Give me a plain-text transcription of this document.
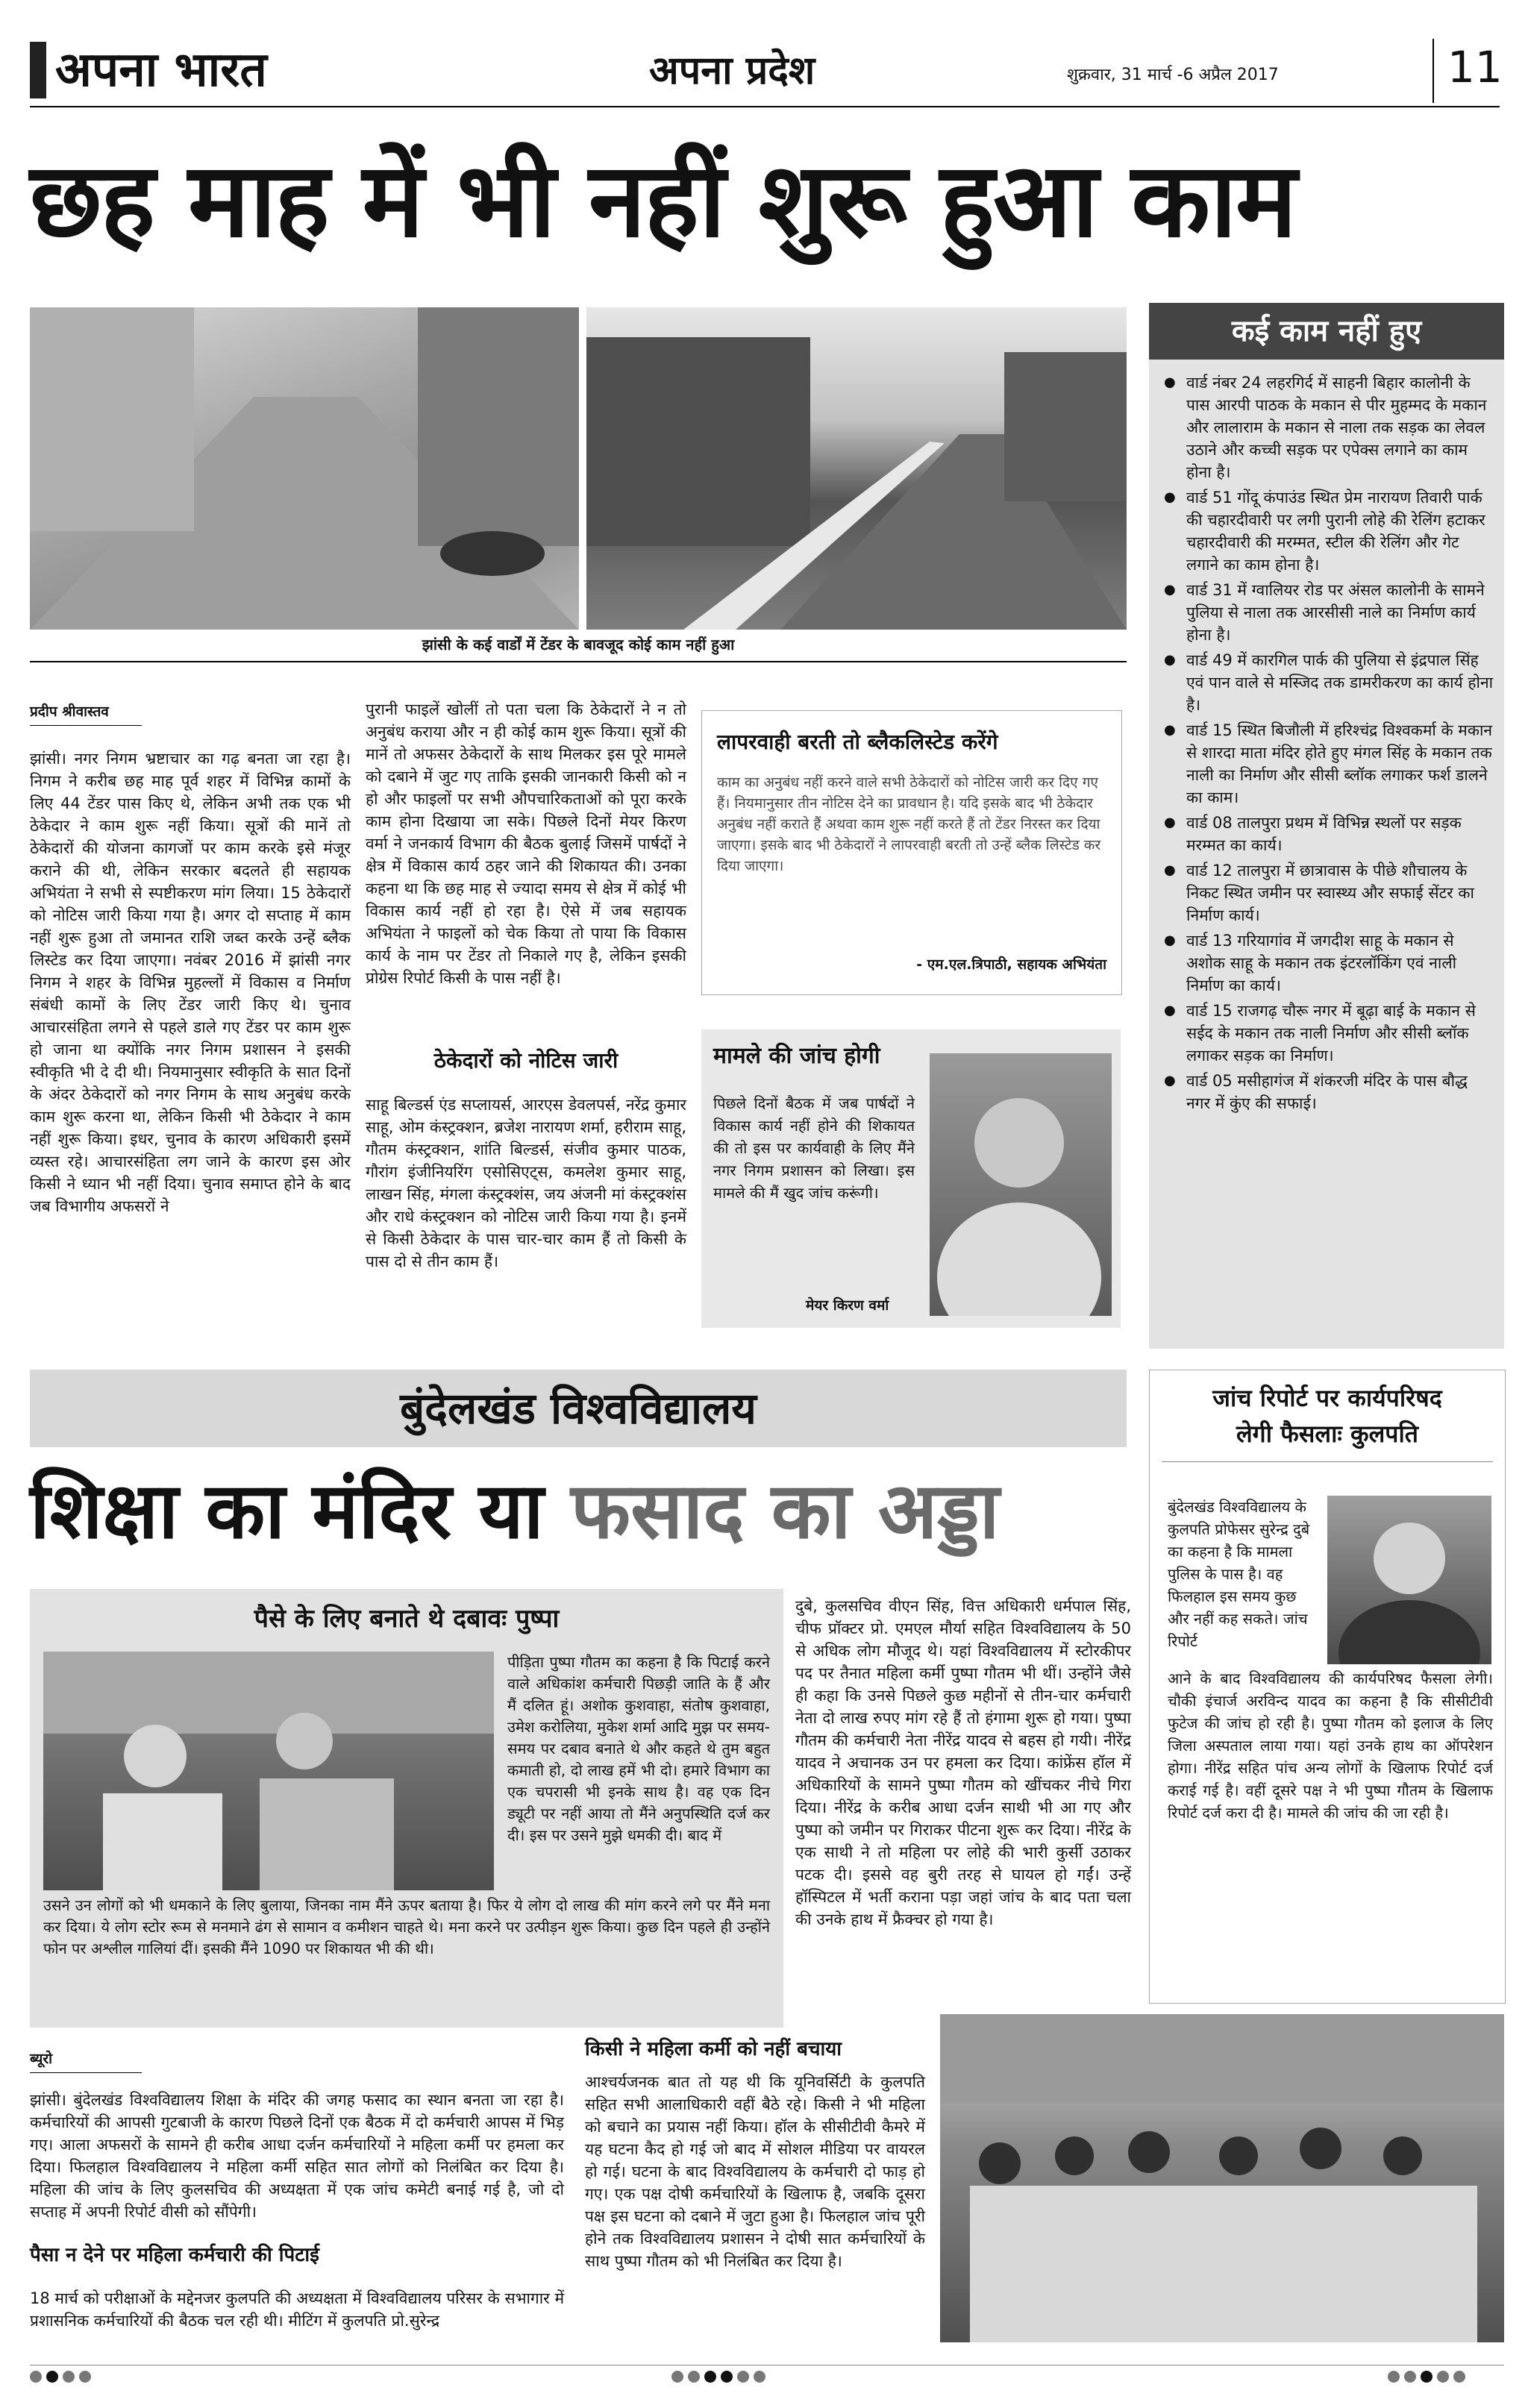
अपना भारत	अपना प्रदेश	शुक्रवार, 31 मार्च -6 अप्रैल 2017	11
छह माह में भी नहीं शुरू हुआ काम
झांसी के कई वार्डों में टेंडर के बावजूद कोई काम नहीं हुआ
प्रदीप श्रीवास्तव
झांसी। नगर निगम भ्रष्टाचार का गढ़ बनता जा रहा है। निगम ने करीब छह माह पूर्व शहर में विभिन्न कामों के लिए 44 टेंडर पास किए थे, लेकिन अभी तक एक भी ठेकेदार ने काम शुरू नहीं किया। सूत्रों की मानें तो ठेकेदारों की योजना कागजों पर काम करके इसे मंजूर कराने की थी, लेकिन सरकार बदलते ही सहायक अभियंता ने सभी से स्पष्टीकरण मांग लिया। 15 ठेकेदारों को नोटिस जारी किया गया है। अगर दो सप्ताह में काम नहीं शुरू हुआ तो जमानत राशि जब्त करके उन्हें ब्लैक लिस्टेड कर दिया जाएगा। नवंबर 2016 में झांसी नगर निगम ने शहर के विभिन्न मुहल्लों में विकास व निर्माण संबंधी कामों के लिए टेंडर जारी किए थे। चुनाव आचारसंहिता लगने से पहले डाले गए टेंडर पर काम शुरू हो जाना था क्योंकि नगर निगम प्रशासन ने इसकी स्वीकृति भी दे दी थी। नियमानुसार स्वीकृति के सात दिनों के अंदर ठेकेदारों को नगर निगम के साथ अनुबंध करके काम शुरू करना था, लेकिन किसी भी ठेकेदार ने काम नहीं शुरू किया। इधर, चुनाव के कारण अधिकारी इसमें व्यस्त रहे। आचारसंहिता लग जाने के कारण इस ओर किसी ने ध्यान भी नहीं दिया। चुनाव समाप्त होने के बाद जब विभागीय अफसरों ने
पुरानी फाइलें खोलीं तो पता चला कि ठेकेदारों ने न तो अनुबंध कराया और न ही कोई काम शुरू किया। सूत्रों की मानें तो अफसर ठेकेदारों के साथ मिलकर इस पूरे मामले को दबाने में जुट गए ताकि इसकी जानकारी किसी को न हो और फाइलों पर सभी औपचारिकताओं को पूरा करके काम होना दिखाया जा सके। पिछले दिनों मेयर किरण वर्मा ने जनकार्य विभाग की बैठक बुलाई जिसमें पार्षदों ने क्षेत्र में विकास कार्य ठहर जाने की शिकायत की। उनका कहना था कि छह माह से ज्यादा समय से क्षेत्र में कोई भी विकास कार्य नहीं हो रहा है। ऐसे में जब सहायक अभियंता ने फाइलों को चेक किया तो पाया कि विकास कार्य के नाम पर टेंडर तो निकाले गए है, लेकिन इसकी प्रोग्रेस रिपोर्ट किसी के पास नहीं है।
ठेकेदारों को नोटिस जारी
साहू बिल्डर्स एंड सप्लायर्स, आरएस डेवलपर्स, नरेंद्र कुमार साहू, ओम कंस्ट्रक्शन, ब्रजेश नारायण शर्मा, हरीराम साहू, गौतम कंस्ट्रक्शन, शांति बिल्डर्स, संजीव कुमार पाठक, गौरांग इंजीनियरिंग एसोसिएट्स, कमलेश कुमार साहू, लाखन सिंह, मंगला कंस्ट्रक्शंस, जय अंजनी मां कंस्ट्रक्शंस और राधे कंस्ट्रक्शन को नोटिस जारी किया गया है। इनमें से किसी ठेकेदार के पास चार-चार काम हैं तो किसी के पास दो से तीन काम हैं।
लापरवाही बरती तो ब्लैकलिस्टेड करेंगे
काम का अनुबंध नहीं करने वाले सभी ठेकेदारों को नोटिस जारी कर दिए गए हैं। नियमानुसार तीन नोटिस देने का प्रावधान है। यदि इसके बाद भी ठेकेदार अनुबंध नहीं कराते हैं अथवा काम शुरू नहीं करते हैं तो टेंडर निरस्त कर दिया जाएगा। इसके बाद भी ठेकेदारों ने लापरवाही बरती तो उन्हें ब्लैक लिस्टेड कर दिया जाएगा।
- एम.एल.त्रिपाठी, सहायक अभियंता
मामले की जांच होगी
पिछले दिनों बैठक में जब पार्षदों ने विकास कार्य नहीं होने की शिकायत की तो इस पर कार्यवाही के लिए मैंने नगर निगम प्रशासन को लिखा। इस मामले की मैं खुद जांच करूंगी।
मेयर किरण वर्मा
कई काम नहीं हुए
● वार्ड नंबर 24 लहरगिर्द में साहनी बिहार कालोनी के पास आरपी पाठक के मकान से पीर मुहम्मद के मकान और लालाराम के मकान से नाला तक सड़क का लेवल उठाने और कच्ची सड़क पर एपेक्स लगाने का काम होना है।
● वार्ड 51 गोंदू कंपाउंड स्थित प्रेम नारायण तिवारी पार्क की चहारदीवारी पर लगी पुरानी लोहे की रेलिंग हटाकर चहारदीवारी की मरम्मत, स्टील की रेलिंग और गेट लगाने का काम होना है।
● वार्ड 31 में ग्वालियर रोड पर अंसल कालोनी के सामने पुलिया से नाला तक आरसीसी नाले का निर्माण कार्य होना है।
● वार्ड 49 में कारगिल पार्क की पुलिया से इंद्रपाल सिंह एवं पान वाले से मस्जिद तक डामरीकरण का कार्य होना है।
● वार्ड 15 स्थित बिजौली में हरिश्चंद्र विश्वकर्मा के मकान से शारदा माता मंदिर होते हुए मंगल सिंह के मकान तक नाली का निर्माण और सीसी ब्लॉक लगाकर फर्श डालने का काम।
● वार्ड 08 तालपुरा प्रथम में विभिन्न स्थलों पर सड़क मरम्मत का कार्य।
● वार्ड 12 तालपुरा में छात्रावास के पीछे शौचालय के निकट स्थित जमीन पर स्वास्थ्य और सफाई सेंटर का निर्माण कार्य।
● वार्ड 13 गरियागांव में जगदीश साहू के मकान से अशोक साहू के मकान तक इंटरलॉकिंग एवं नाली निर्माण का कार्य।
● वार्ड 15 राजगढ़ चौरू नगर में बूढ़ा बाई के मकान से सईद के मकान तक नाली निर्माण और सीसी ब्लॉक लगाकर सड़क का निर्माण।
● वार्ड 05 मसीहागंज में शंकरजी मंदिर के पास बौद्ध नगर में कुंए की सफाई।
बुंदेलखंड विश्वविद्यालय
शिक्षा का मंदिर या फसाद का अड्डा
पैसे के लिए बनाते थे दबावः पुष्पा
पीड़िता पुष्पा गौतम का कहना है कि पिटाई करने वाले अधिकांश कर्मचारी पिछड़ी जाति के हैं और मैं दलित हूं। अशोक कुशवाहा, संतोष कुशवाहा, उमेश करोलिया, मुकेश शर्मा आदि मुझ पर समय-समय पर दबाव बनाते थे और कहते थे तुम बहुत कमाती हो, दो लाख हमें भी दो। हमारे विभाग का एक चपरासी भी इनके साथ है। वह एक दिन ड्यूटी पर नहीं आया तो मैंने अनुपस्थिति दर्ज कर दी। इस पर उसने मुझे धमकी दी। बाद में
उसने उन लोगों को भी धमकाने के लिए बुलाया, जिनका नाम मैंने ऊपर बताया है। फिर ये लोग दो लाख की मांग करने लगे पर मैंने मना कर दिया। ये लोग स्टोर रूम से मनमाने ढंग से सामान व कमीशन चाहते थे। मना करने पर उत्पीड़न शुरू किया। कुछ दिन पहले ही उन्होंने फोन पर अश्लील गालियां दीं। इसकी मैंने 1090 पर शिकायत भी की थी।
दुबे, कुलसचिव वीएन सिंह, वित्त अधिकारी धर्मपाल सिंह, चीफ प्रॉक्टर प्रो. एमएल मौर्या सहित विश्वविद्यालय के 50 से अधिक लोग मौजूद थे। यहां विश्वविद्यालय में स्टोरकीपर पद पर तैनात महिला कर्मी पुष्पा गौतम भी थीं। उन्होंने जैसे ही कहा कि उनसे पिछले कुछ महीनों से तीन-चार कर्मचारी नेता दो लाख रुपए मांग रहे हैं तो हंगामा शुरू हो गया। पुष्पा गौतम की कर्मचारी नेता नीरेंद्र यादव से बहस हो गयी। नीरेंद्र यादव ने अचानक उन पर हमला कर दिया। कांफ्रेंस हॉल में अधिकारियों के सामने पुष्पा गौतम को खींचकर नीचे गिरा दिया। नीरेंद्र के करीब आधा दर्जन साथी भी आ गए और पुष्पा को जमीन पर गिराकर पीटना शुरू कर दिया। नीरेंद्र के एक साथी ने तो महिला पर लोहे की भारी कुर्सी उठाकर पटक दी। इससे वह बुरी तरह से घायल हो गईं। उन्हें हॉस्पिटल में भर्ती कराना पड़ा जहां जांच के बाद पता चला की उनके हाथ में फ्रैक्चर हो गया है।
जांच रिपोर्ट पर कार्यपरिषद
लेगी फैसलाः कुलपति
बुंदेलखंड विश्वविद्यालय के कुलपति प्रोफेसर सुरेन्द्र दुबे का कहना है कि मामला पुलिस के पास है। वह फिलहाल इस समय कुछ और नहीं कह सकते। जांच रिपोर्ट
आने के बाद विश्वविद्यालय की कार्यपरिषद फैसला लेगी। चौकी इंचार्ज अरविन्द यादव का कहना है कि सीसीटीवी फुटेज की जांच हो रही है। पुष्पा गौतम को इलाज के लिए जिला अस्पताल लाया गया। यहां उनके हाथ का ऑपरेशन होगा। नीरेंद्र सहित पांच अन्य लोगों के खिलाफ रिपोर्ट दर्ज कराई गई है। वहीं दूसरे पक्ष ने भी पुष्पा गौतम के खिलाफ रिपोर्ट दर्ज करा दी है। मामले की जांच की जा रही है।
ब्यूरो
झांसी। बुंदेलखंड विश्वविद्यालय शिक्षा के मंदिर की जगह फसाद का स्थान बनता जा रहा है। कर्मचारियों की आपसी गुटबाजी के कारण पिछले दिनों एक बैठक में दो कर्मचारी आपस में भिड़ गए। आला अफसरों के सामने ही करीब आधा दर्जन कर्मचारियों ने महिला कर्मी पर हमला कर दिया। फिलहाल विश्वविद्यालय ने महिला कर्मी सहित सात लोगों को निलंबित कर दिया है। महिला की जांच के लिए कुलसचिव की अध्यक्षता में एक जांच कमेटी बनाई गई है, जो दो सप्ताह में अपनी रिपोर्ट वीसी को सौंपेगी।
पैसा न देने पर महिला कर्मचारी की पिटाई
18 मार्च को परीक्षाओं के मद्देनजर कुलपति की अध्यक्षता में विश्वविद्यालय परिसर के सभागार में प्रशासनिक कर्मचारियों की बैठक चल रही थी। मीटिंग में कुलपति प्रो.सुरेन्द्र
किसी ने महिला कर्मी को नहीं बचाया
आश्चर्यजनक बात तो यह थी कि यूनिवर्सिटी के कुलपति सहित सभी आलाधिकारी वहीं बैठे रहे। किसी ने भी महिला को बचाने का प्रयास नहीं किया। हॉल के सीसीटीवी कैमरे में यह घटना कैद हो गई जो बाद में सोशल मीडिया पर वायरल हो गई। घटना के बाद विश्वविद्यालय के कर्मचारी दो फाड़ हो गए। एक पक्ष दोषी कर्मचारियों के खिलाफ है, जबकि दूसरा पक्ष इस घटना को दबाने में जुटा हुआ है। फिलहाल जांच पूरी होने तक विश्वविद्यालय प्रशासन ने दोषी सात कर्मचारियों के साथ पुष्पा गौतम को भी निलंबित कर दिया है।
